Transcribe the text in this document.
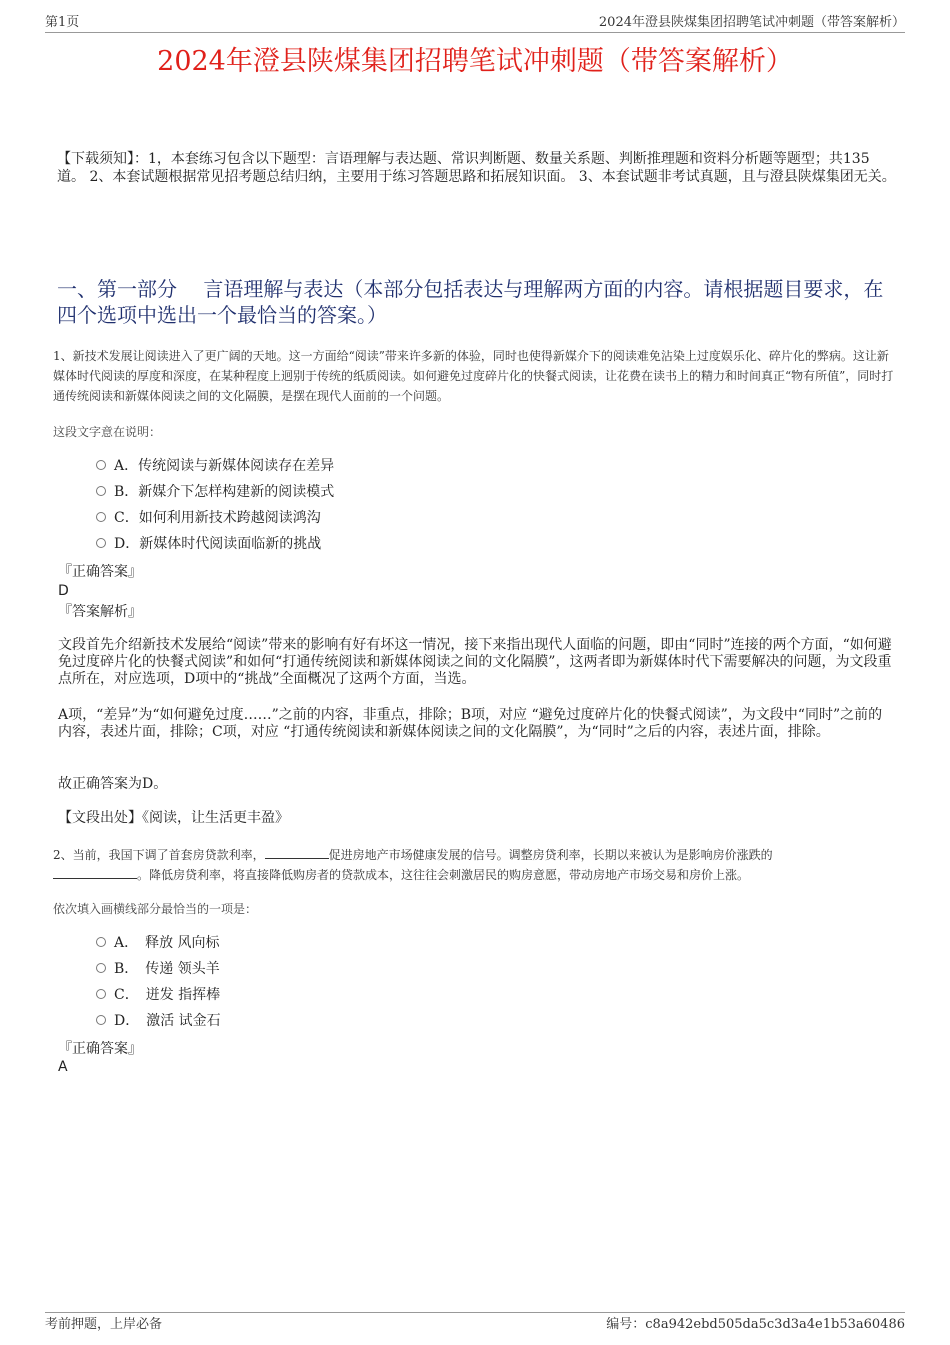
第1页	2024年澄县陕煤集团招聘笔试冲刺题（带答案解析）
2024年澄县陕煤集团招聘笔试冲刺题（带答案解析）
【下载须知】：1，本套练习包含以下题型：言语理解与表达题、常识判断题、数量关系题、判断推理题和资料分析题等题型；共135道。 2、本套试题根据常见招考题总结归纳，主要用于练习答题思路和拓展知识面。 3、本套试题非考试真题，且与澄县陕煤集团无关。
一、第一部分　 言语理解与表达（本部分包括表达与理解两方面的内容。请根据题目要求，在四个选项中选出一个最恰当的答案。）
1、新技术发展让阅读进入了更广阔的天地。这一方面给“阅读”带来许多新的体验，同时也使得新媒介下的阅读难免沾染上过度娱乐化、碎片化的弊病。这让新媒体时代阅读的厚度和深度，在某种程度上迥别于传统的纸质阅读。如何避免过度碎片化的快餐式阅读，让花费在读书上的精力和时间真正“物有所值”，同时打通传统阅读和新媒体阅读之间的文化隔膜，是摆在现代人面前的一个问题。
这段文字意在说明：
A．传统阅读与新媒体阅读存在差异
B．新媒介下怎样构建新的阅读模式
C．如何利用新技术跨越阅读鸿沟
D．新媒体时代阅读面临新的挑战
『正确答案』
D
『答案解析』
文段首先介绍新技术发展给“阅读”带来的影响有好有坏这一情况，接下来指出现代人面临的问题，即由“同时”连接的两个方面，“如何避免过度碎片化的快餐式阅读”和如何“打通传统阅读和新媒体阅读之间的文化隔膜”，这两者即为新媒体时代下需要解决的问题，为文段重点所在，对应选项，D项中的“挑战”全面概况了这两个方面，当选。
A项，“差异”为“如何避免过度……”之前的内容，非重点，排除；B项，对应 “避免过度碎片化的快餐式阅读”，为文段中“同时”之前的内容，表述片面，排除；C项，对应 “打通传统阅读和新媒体阅读之间的文化隔膜”，为“同时”之后的内容，表述片面，排除。
故正确答案为D。
【文段出处】《阅读，让生活更丰盈》
2、当前，我国下调了首套房贷款利率，	促进房地产市场健康发展的信号。调整房贷利率，长期以来被认为是影响房价涨跌的
。降低房贷利率，将直接降低购房者的贷款成本，这往往会刺激居民的购房意愿，带动房地产市场交易和房价上涨。
依次填入画横线部分最恰当的一项是：
A．　释放 风向标
B．　传递 领头羊
C．　迸发 指挥棒
D．　激活 试金石
『正确答案』
A
考前押题，上岸必备	编号：c8a942ebd505da5c3d3a4e1b53a60486
